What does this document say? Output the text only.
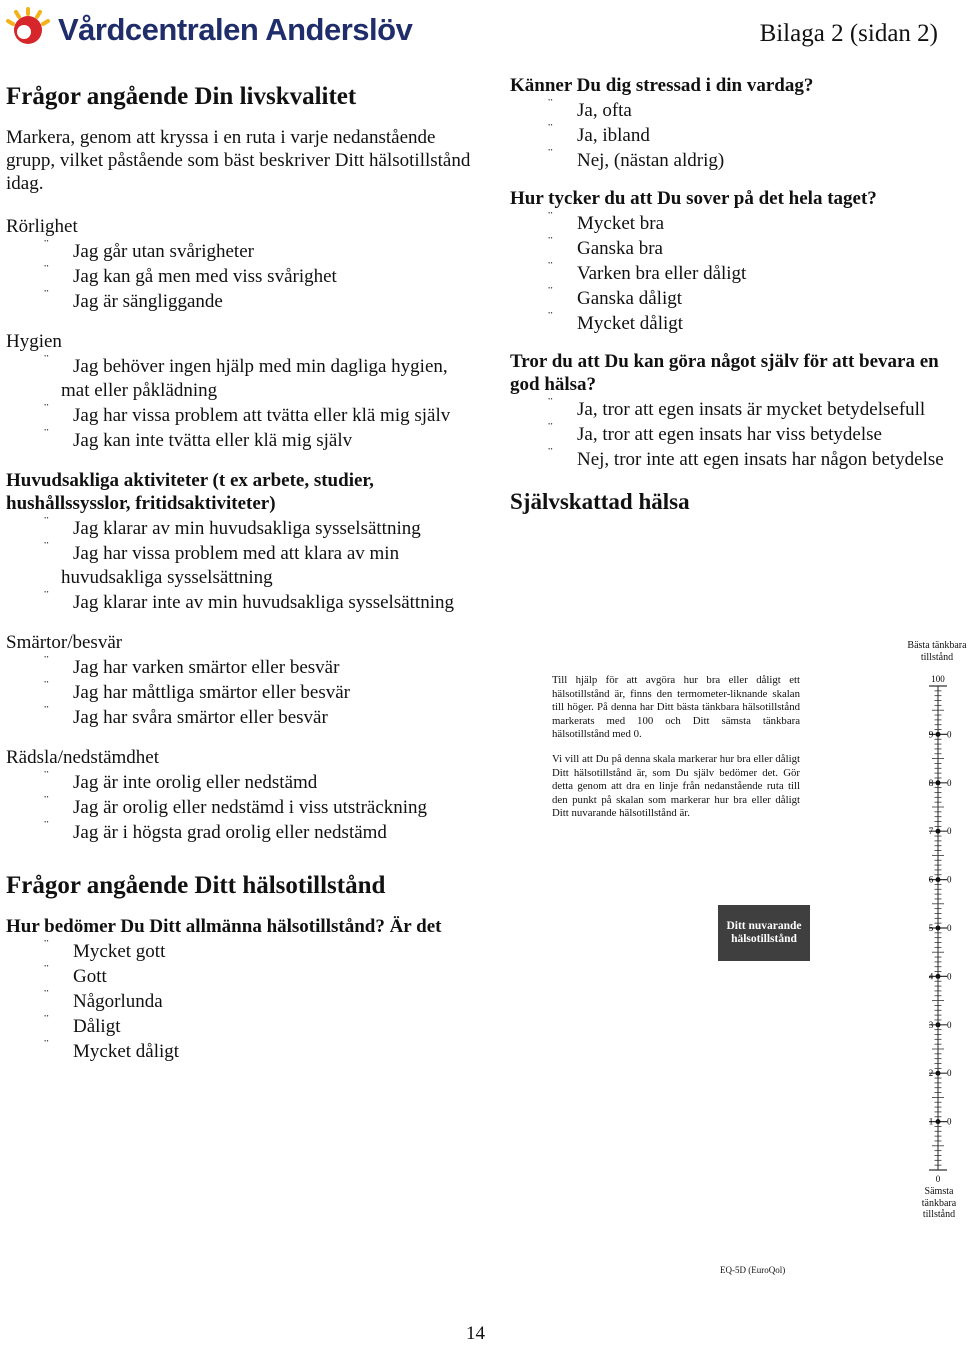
Vårdcentralen Anderslöv	Bilaga 2 (sidan 2)
Frågor angående Din livskvalitet
Markera, genom att kryssa i en ruta i varje nedanstående grupp, vilket påstående som bäst beskriver Ditt hälsotillstånd idag.
Rörlighet
¨	Jag går utan svårigheter
¨	Jag kan gå men med viss svårighet
¨	Jag är sängliggande
Hygien
¨	Jag behöver ingen hjälp med min dagliga hygien, mat eller påklädning
¨	Jag har vissa problem att tvätta eller klä mig själv
¨	Jag kan inte tvätta eller klä mig själv
Huvudsakliga aktiviteter (t ex arbete, studier, hushållssysslor, fritidsaktiviteter)
¨	Jag klarar av min huvudsakliga sysselsättning
¨	Jag har vissa problem med att klara av min huvudsakliga sysselsättning
¨	Jag klarar inte av min huvudsakliga sysselsättning
Smärtor/besvär
¨	Jag har varken smärtor eller besvär
¨	Jag har måttliga smärtor eller besvär
¨	Jag har svåra smärtor eller besvär
Rädsla/nedstämdhet
¨	Jag är inte orolig eller nedstämd
¨	Jag är orolig eller nedstämd i viss utsträckning
¨	Jag är i högsta grad orolig eller nedstämd
Frågor angående Ditt hälsotillstånd
Hur bedömer Du Ditt allmänna hälsotillstånd? Är det
¨	Mycket gott
¨	Gott
¨	Någorlunda
¨	Dåligt
¨	Mycket dåligt
Känner Du dig stressad i din vardag?
¨	Ja, ofta
¨	Ja, ibland
¨	Nej, (nästan aldrig)
Hur tycker du att Du sover på det hela taget?
¨	Mycket bra
¨	Ganska bra
¨	Varken bra eller dåligt
¨	Ganska dåligt
¨	Mycket dåligt
Tror du att Du kan göra något själv för att bevara en god hälsa?
¨	Ja, tror att egen insats är mycket betydelsefull
¨	Ja, tror att egen insats har viss betydelse
¨	Nej, tror inte att egen insats har någon betydelse
Självskattad hälsa

Till hjälp för att avgöra hur bra eller dåligt ett hälsotillstånd är, finns den termometer-liknande skalan till höger. På denna har Ditt bästa tänkbara hälsotillstånd markerats med 100 och Ditt sämsta tänkbara hälsotillstånd med 0.

Vi vill att Du på denna skala markerar hur bra eller dåligt Ditt hälsotillstånd är, som Du själv bedömer det. Gör detta genom att dra en linje från nedanstående ruta till den punkt på skalan som markerar hur bra eller dåligt Ditt nuvarande hälsotillstånd är.

Ditt nuvarande hälsotillstånd
Bästa tänkbara tillstånd
Sämsta tänkbara tillstånd
100
0
9 0
8 0
7 0
6 0
5 0
4 0
3 0
2 0
1 0
EQ-5D (EuroQol)
14
